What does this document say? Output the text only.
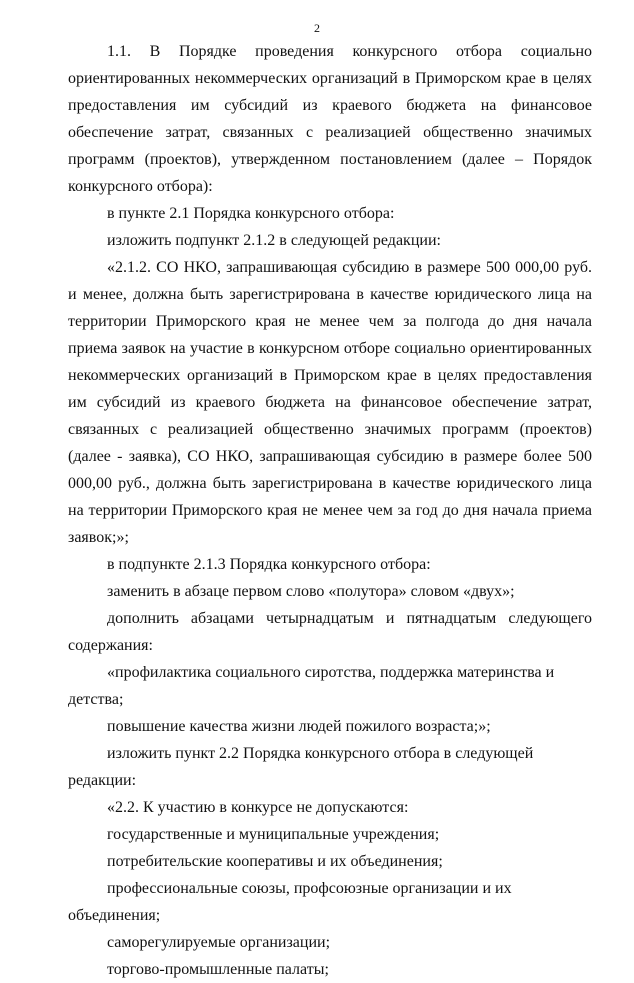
2

1.1. В Порядке проведения конкурсного отбора социально ориентированных некоммерческих организаций в Приморском крае в целях предоставления им субсидий из краевого бюджета на финансовое обеспечение затрат, связанных с реализацией общественно значимых программ (проектов), утвержденном постановлением (далее – Порядок конкурсного отбора):

в пункте 2.1 Порядка конкурсного отбора:

изложить подпункт 2.1.2 в следующей редакции:

«2.1.2. СО НКО, запрашивающая субсидию в размере 500 000,00 руб. и менее, должна быть зарегистрирована в качестве юридического лица на территории Приморского края не менее чем за полгода до дня начала приема заявок на участие в конкурсном отборе социально ориентированных некоммерческих организаций в Приморском крае в целях предоставления им субсидий из краевого бюджета на финансовое обеспечение затрат, связанных с реализацией общественно значимых программ (проектов) (далее - заявка), СО НКО, запрашивающая субсидию в размере более 500 000,00 руб., должна быть зарегистрирована в качестве юридического лица на территории Приморского края не менее чем за год до дня начала приема заявок;»;

в подпункте 2.1.3 Порядка конкурсного отбора:

заменить в абзаце первом слово «полутора» словом «двух»;

дополнить абзацами четырнадцатым и пятнадцатым следующего содержания:

«профилактика социального сиротства, поддержка материнства и детства;

повышение качества жизни людей пожилого возраста;»;

изложить пункт 2.2 Порядка конкурсного отбора в следующей редакции:

«2.2. К участию в конкурсе не допускаются:

государственные и муниципальные учреждения;

потребительские кооперативы и их объединения;

профессиональные союзы, профсоюзные организации и их объединения;

саморегулируемые организации;

торгово-промышленные палаты;
